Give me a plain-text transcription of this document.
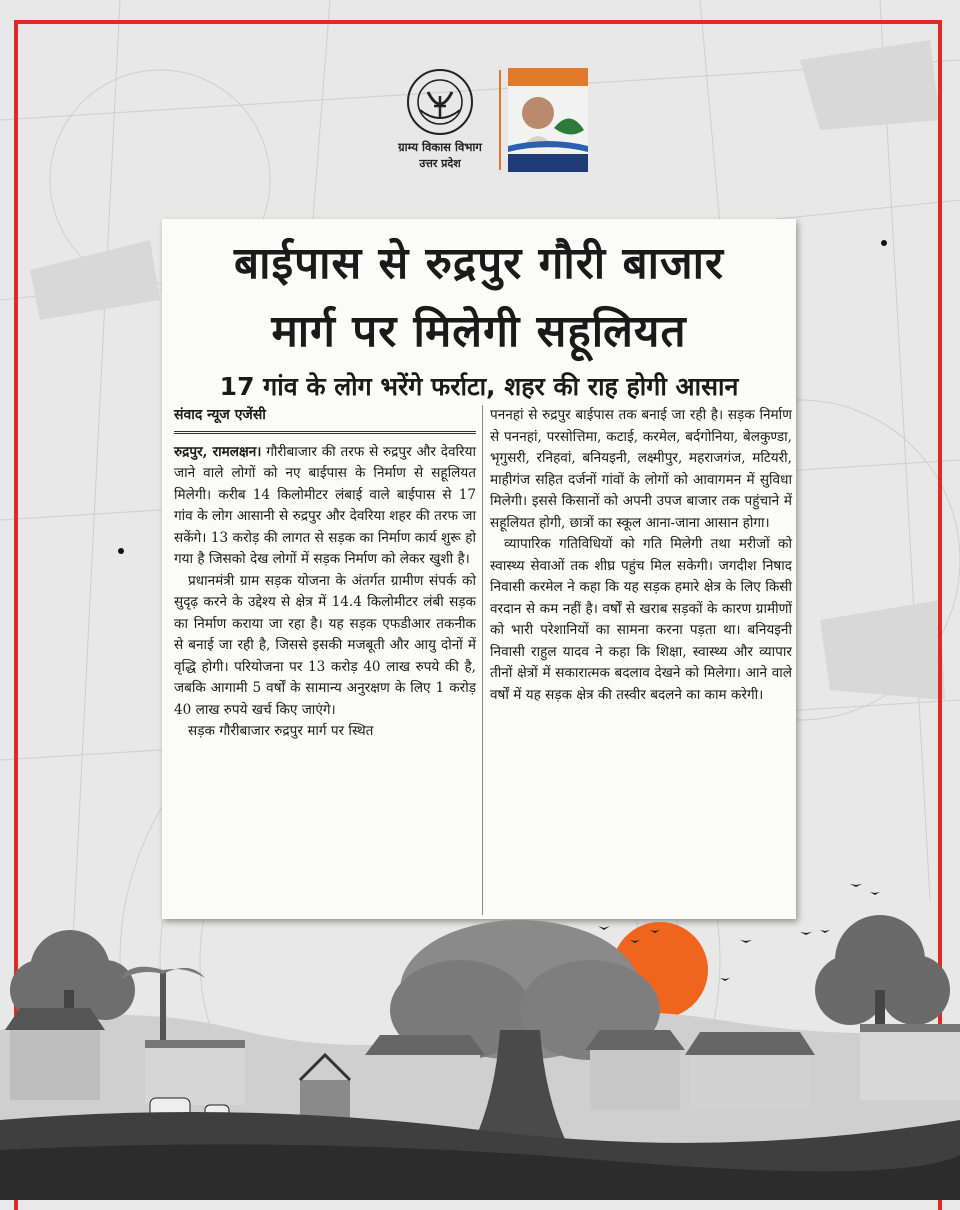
ग्राम्य विकास विभाग
उत्तर प्रदेश
बाईपास से रुद्रपुर गौरी बाजार
मार्ग पर मिलेगी सहूलियत
17 गांव के लोग भरेंगे फर्राटा, शहर की राह होगी आसान
संवाद न्यूज एजेंसी

रुद्रपुर, रामलक्षन। गौरीबाजार की तरफ से रुद्रपुर और देवरिया जाने वाले लोगों को नए बाईपास के निर्माण से सहूलियत मिलेगी। करीब 14 किलोमीटर लंबाई वाले बाईपास से 17 गांव के लोग आसानी से रुद्रपुर और देवरिया शहर की तरफ जा सकेंगे। 13 करोड़ की लागत से सड़क का निर्माण कार्य शुरू हो गया है जिसको देख लोगों में सड़क निर्माण को लेकर खुशी है।

प्रधानमंत्री ग्राम सड़क योजना के अंतर्गत ग्रामीण संपर्क को सुदृढ़ करने के उद्देश्य से क्षेत्र में 14.4 किलोमीटर लंबी सड़क का निर्माण कराया जा रहा है। यह सड़क एफडीआर तकनीक से बनाई जा रही है, जिससे इसकी मजबूती और आयु दोनों में वृद्धि होगी। परियोजना पर 13 करोड़ 40 लाख रुपये की है, जबकि आगामी 5 वर्षों के सामान्य अनुरक्षण के लिए 1 करोड़ 40 लाख रुपये खर्च किए जाएंगे।

सड़क गौरीबाजार रुद्रपुर मार्ग पर स्थित

पननहां से रुद्रपुर बाईपास तक बनाई जा रही है। सड़क निर्माण से पननहां, परसोत्तिमा, कटाई, करमेल, बर्दगोनिया, बेलकुण्डा, भृगुसरी, रनिहवां, बनियइनी, लक्ष्मीपुर, महराजगंज, मटियरी, माहीगंज सहित दर्जनों गांवों के लोगों को आवागमन में सुविधा मिलेगी। इससे किसानों को अपनी उपज बाजार तक पहुंचाने में सहूलियत होगी, छात्रों का स्कूल आना-जाना आसान होगा।

व्यापारिक गतिविधियों को गति मिलेगी तथा मरीजों को स्वास्थ्य सेवाओं तक शीघ्र पहुंच मिल सकेगी। जगदीश निषाद निवासी करमेल ने कहा कि यह सड़क हमारे क्षेत्र के लिए किसी वरदान से कम नहीं है। वर्षों से खराब सड़कों के कारण ग्रामीणों को भारी परेशानियों का सामना करना पड़ता था। बनियइनी निवासी राहुल यादव ने कहा कि शिक्षा, स्वास्थ्य और व्यापार तीनों क्षेत्रों में सकारात्मक बदलाव देखने को मिलेगा। आने वाले वर्षों में यह सड़क क्षेत्र की तस्वीर बदलने का काम करेगी।
